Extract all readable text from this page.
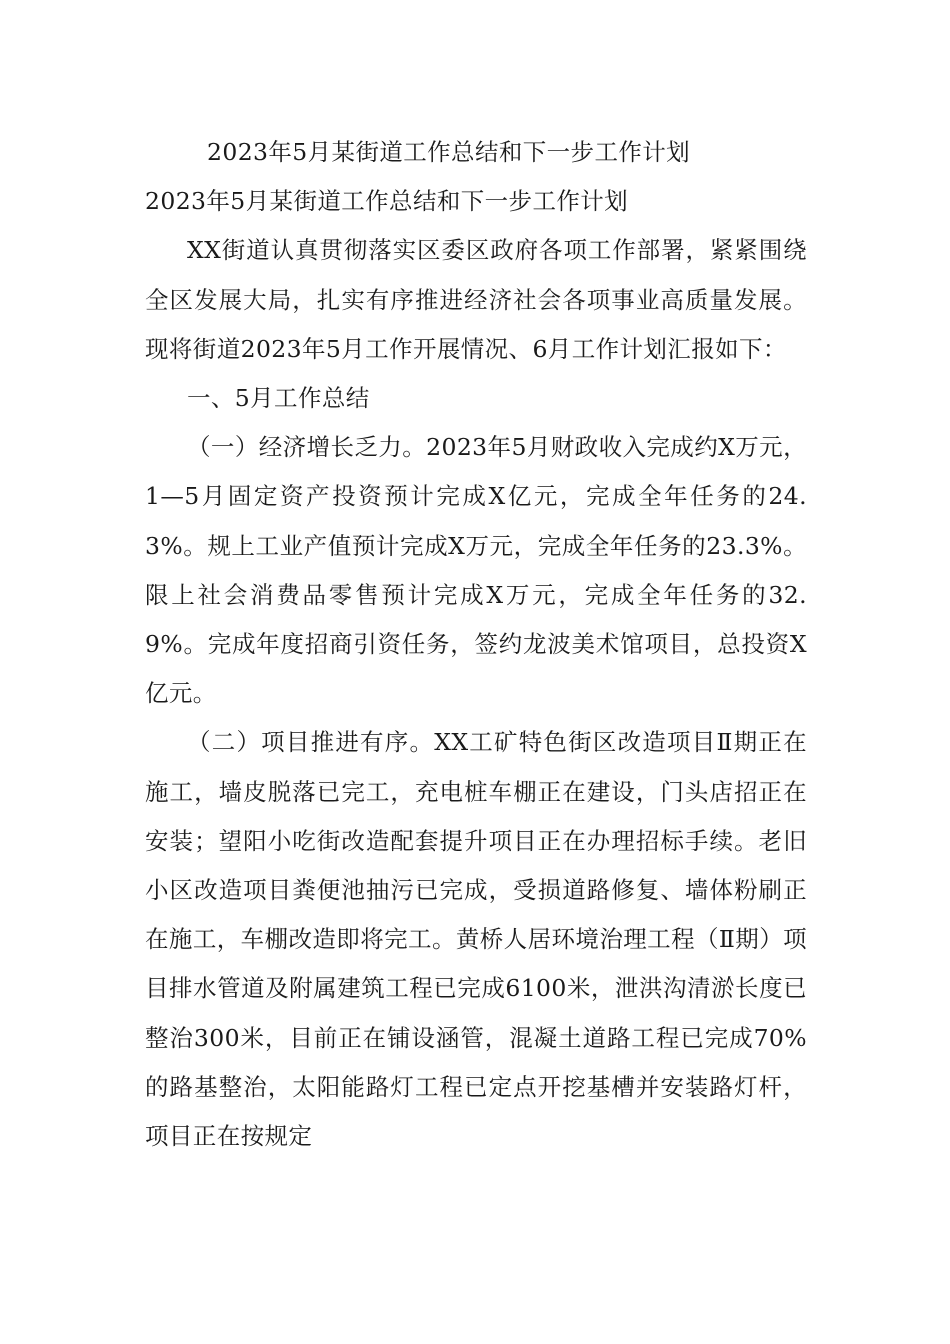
2023年5月某街道工作总结和下一步工作计划
2023年5月某街道工作总结和下一步工作计划

XX街道认真贯彻落实区委区政府各项工作部署，紧紧围绕全区发展大局，扎实有序推进经济社会各项事业高质量发展。现将街道2023年5月工作开展情况、6月工作计划汇报如下：

一、5月工作总结

（一）经济增长乏力。2023年5月财政收入完成约X万元，1—5月固定资产投资预计完成X亿元，完成全年任务的24.3%。规上工业产值预计完成X万元，完成全年任务的23.3%。限上社会消费品零售预计完成X万元，完成全年任务的32.9%。完成年度招商引资任务，签约龙波美术馆项目，总投资X亿元。

（二）项目推进有序。XX工矿特色街区改造项目Ⅱ期正在施工，墙皮脱落已完工，充电桩车棚正在建设，门头店招正在安装；望阳小吃街改造配套提升项目正在办理招标手续。老旧小区改造项目粪便池抽污已完成，受损道路修复、墙体粉刷正在施工，车棚改造即将完工。黄桥人居环境治理工程（Ⅱ期）项目排水管道及附属建筑工程已完成6100米，泄洪沟清淤长度已整治300米，目前正在铺设涵管，混凝土道路工程已完成70%的路基整治，太阳能路灯工程已定点开挖基槽并安装路灯杆，项目正在按规定
